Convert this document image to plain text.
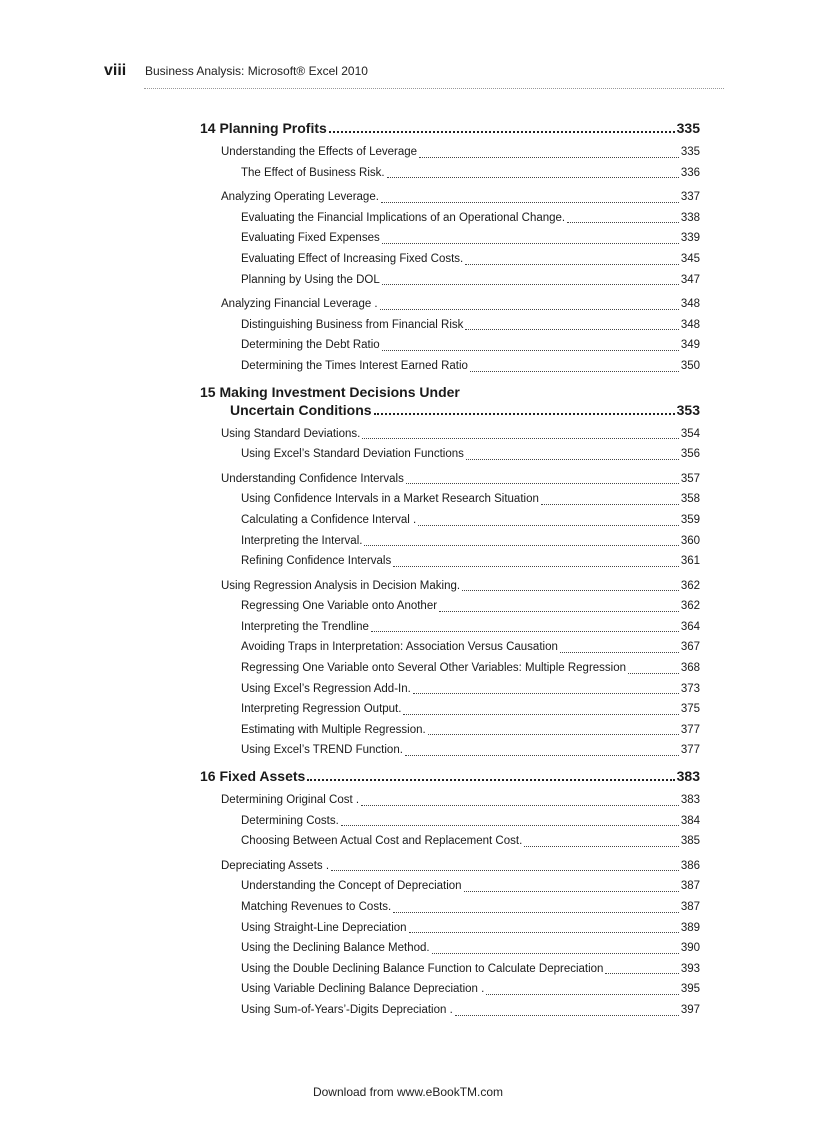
viii	Business Analysis: Microsoft® Excel 2010
14 Planning Profits	335
Understanding the Effects of Leverage	335
The Effect of Business Risk.	336
Analyzing Operating Leverage.	337
Evaluating the Financial Implications of an Operational Change.	338
Evaluating Fixed Expenses	339
Evaluating Effect of Increasing Fixed Costs.	345
Planning by Using the DOL	347
Analyzing Financial Leverage .	348
Distinguishing Business from Financial Risk	348
Determining the Debt Ratio	349
Determining the Times Interest Earned Ratio	350
15 Making Investment Decisions Under
Uncertain Conditions	353
Using Standard Deviations.	354
Using Excel’s Standard Deviation Functions	356
Understanding Confidence Intervals	357
Using Confidence Intervals in a Market Research Situation	358
Calculating a Confidence Interval .	359
Interpreting the Interval.	360
Refining Confidence Intervals	361
Using Regression Analysis in Decision Making.	362
Regressing One Variable onto Another	362
Interpreting the Trendline	364
Avoiding Traps in Interpretation: Association Versus Causation	367
Regressing One Variable onto Several Other Variables: Multiple Regression	368
Using Excel’s Regression Add-In.	373
Interpreting Regression Output.	375
Estimating with Multiple Regression.	377
Using Excel’s TREND Function.	377
16 Fixed Assets	383
Determining Original Cost .	383
Determining Costs.	384
Choosing Between Actual Cost and Replacement Cost.	385
Depreciating Assets .	386
Understanding the Concept of Depreciation	387
Matching Revenues to Costs.	387
Using Straight-Line Depreciation	389
Using the Declining Balance Method.	390
Using the Double Declining Balance Function to Calculate Depreciation	393
Using Variable Declining Balance Depreciation .	395
Using Sum-of-Years’-Digits Depreciation .	397
Download from www.eBookTM.com
